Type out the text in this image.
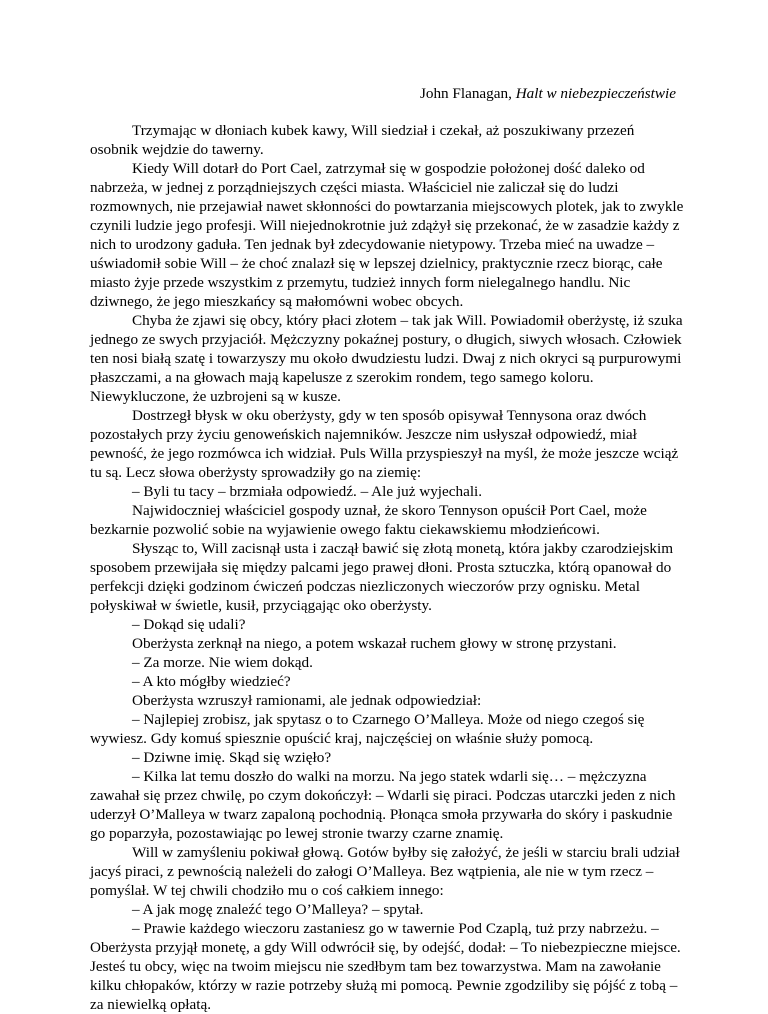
John Flanagan, Halt w niebezpieczeństwie

Trzymając w dłoniach kubek kawy, Will siedział i czekał, aż poszukiwany przezeń osobnik wejdzie do tawerny.

Kiedy Will dotarł do Port Cael, zatrzymał się w gospodzie położonej dość daleko od nabrzeża, w jednej z porządniejszych części miasta. Właściciel nie zaliczał się do ludzi rozmownych, nie przejawiał nawet skłonności do powtarzania miejscowych plotek, jak to zwykle czynili ludzie jego profesji. Will niejednokrotnie już zdążył się przekonać, że w zasadzie każdy z nich to urodzony gaduła. Ten jednak był zdecydowanie nietypowy. Trzeba mieć na uwadze – uświadomił sobie Will – że choć znalazł się w lepszej dzielnicy, praktycznie rzecz biorąc, całe miasto żyje przede wszystkim z przemytu, tudzież innych form nielegalnego handlu. Nic dziwnego, że jego mieszkańcy są małomówni wobec obcych.

Chyba że zjawi się obcy, który płaci złotem – tak jak Will. Powiadomił oberżystę, iż szuka jednego ze swych przyjaciół. Mężczyzny pokaźnej postury, o długich, siwych włosach. Człowiek ten nosi białą szatę i towarzyszy mu około dwudziestu ludzi. Dwaj z nich okryci są purpurowymi płaszczami, a na głowach mają kapelusze z szerokim rondem, tego samego koloru. Niewykluczone, że uzbrojeni są w kusze.

Dostrzegł błysk w oku oberżysty, gdy w ten sposób opisywał Tennysona oraz dwóch pozostałych przy życiu genoweńskich najemników. Jeszcze nim usłyszał odpowiedź, miał pewność, że jego rozmówca ich widział. Puls Willa przyspieszył na myśl, że może jeszcze wciąż tu są. Lecz słowa oberżysty sprowadziły go na ziemię:

– Byli tu tacy – brzmiała odpowiedź. – Ale już wyjechali.

Najwidoczniej właściciel gospody uznał, że skoro Tennyson opuścił Port Cael, może bezkarnie pozwolić sobie na wyjawienie owego faktu ciekawskiemu młodzieńcowi.

Słysząc to, Will zacisnął usta i zaczął bawić się złotą monetą, która jakby czarodziejskim sposobem przewijała się między palcami jego prawej dłoni. Prosta sztuczka, którą opanował do perfekcji dzięki godzinom ćwiczeń podczas niezliczonych wieczorów przy ognisku. Metal połyskiwał w świetle, kusił, przyciągając oko oberżysty.

– Dokąd się udali?

Oberżysta zerknął na niego, a potem wskazał ruchem głowy w stronę przystani.

– Za morze. Nie wiem dokąd.

– A kto mógłby wiedzieć?

Oberżysta wzruszył ramionami, ale jednak odpowiedział:

– Najlepiej zrobisz, jak spytasz o to Czarnego O’Malleya. Może od niego czegoś się wywiesz. Gdy komuś spiesznie opuścić kraj, najczęściej on właśnie służy pomocą.

– Dziwne imię. Skąd się wzięło?

– Kilka lat temu doszło do walki na morzu. Na jego statek wdarli się… – mężczyzna zawahał się przez chwilę, po czym dokończył: – Wdarli się piraci. Podczas utarczki jeden z nich uderzył O’Malleya w twarz zapaloną pochodnią. Płonąca smoła przywarła do skóry i paskudnie go poparzyła, pozostawiając po lewej stronie twarzy czarne znamię.

Will w zamyśleniu pokiwał głową. Gotów byłby się założyć, że jeśli w starciu brali udział jacyś piraci, z pewnością należeli do załogi O’Malleya. Bez wątpienia, ale nie w tym rzecz – pomyślał. W tej chwili chodziło mu o coś całkiem innego:

– A jak mogę znaleźć tego O’Malleya? – spytał.

– Prawie każdego wieczoru zastaniesz go w tawernie Pod Czaplą, tuż przy nabrzeżu. – Oberżysta przyjął monetę, a gdy Will odwrócił się, by odejść, dodał: – To niebezpieczne miejsce. Jesteś tu obcy, więc na twoim miejscu nie szedłbym tam bez towarzystwa. Mam na zawołanie kilku chłopaków, którzy w razie potrzeby służą mi pomocą. Pewnie zgodziliby się pójść z tobą – za niewielką opłatą.
